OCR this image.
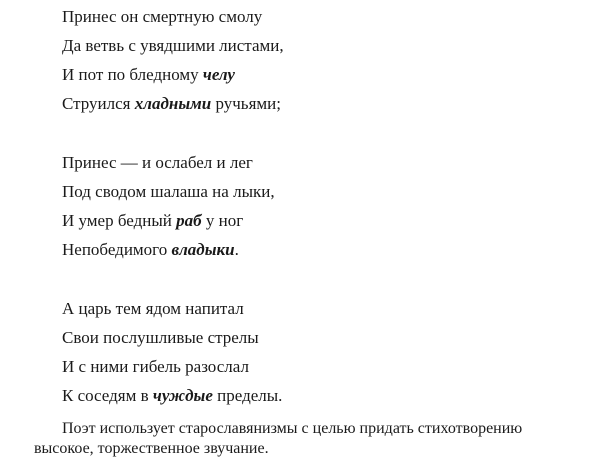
Принес он смертную смолу
Да ветвь с увядшими листами,
И пот по бледному челу
Струился хладными ручьями;
Принес — и ослабел и лег
Под сводом шалаша на лыки,
И умер бедный раб у ног
Непобедимого владыки.
А царь тем ядом напитал
Свои послушливые стрелы
И с ними гибель разослал
К соседям в чуждые пределы.
Поэт использует старославянизмы с целью придать стихотворению
высокое, торжественное звучание.
